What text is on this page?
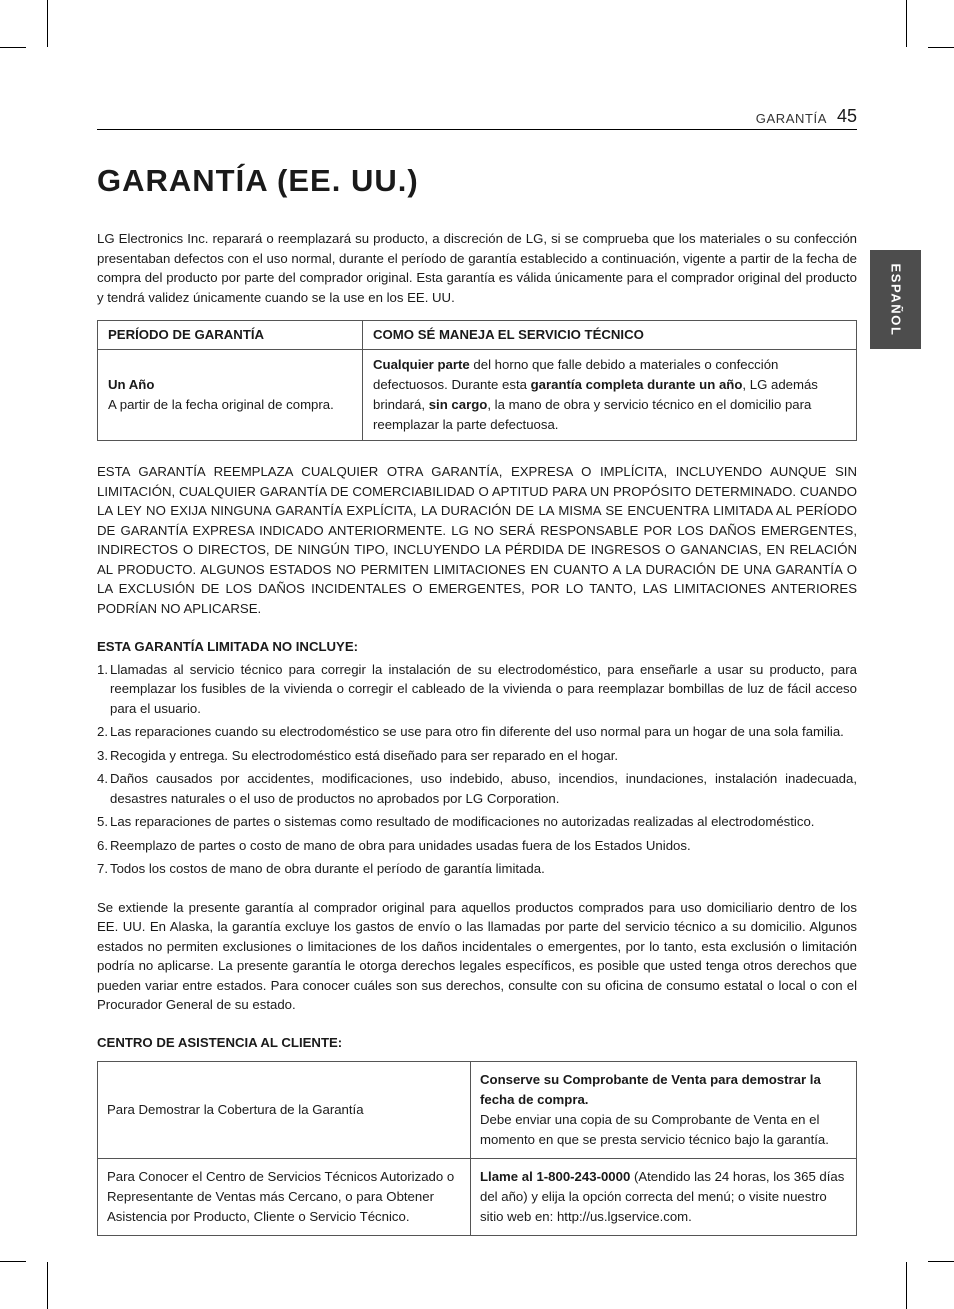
GARANTÍA 45
ESPAÑOL
GARANTÍA (EE. UU.)

LG Electronics Inc. reparará o reemplazará su producto, a discreción de LG, si se comprueba que los materiales o su confección presentaban defectos con el uso normal, durante el período de garantía establecido a continuación, vigente a partir de la fecha de compra del producto por parte del comprador original. Esta garantía es válida únicamente para el comprador original del producto y tendrá validez únicamente cuando se la use en los EE. UU.

PERÍODO DE GARANTÍA	COMO SÉ MANEJA EL SERVICIO TÉCNICO
Un Año
A partir de la fecha original de compra.	Cualquier parte del horno que falle debido a materiales o confección defectuosos. Durante esta garantía completa durante un año, LG además brindará, sin cargo, la mano de obra y servicio técnico en el domicilio para reemplazar la parte defectuosa.

ESTA GARANTÍA REEMPLAZA CUALQUIER OTRA GARANTÍA, EXPRESA O IMPLÍCITA, INCLUYENDO AUNQUE SIN LIMITACIÓN, CUALQUIER GARANTÍA DE COMERCIABILIDAD O APTITUD PARA UN PROPÓSITO DETERMINADO. CUANDO LA LEY NO EXIJA NINGUNA GARANTÍA EXPLÍCITA, LA DURACIÓN DE LA MISMA SE ENCUENTRA LIMITADA AL PERÍODO DE GARANTÍA EXPRESA INDICADO ANTERIORMENTE. LG NO SERÁ RESPONSABLE POR LOS DAÑOS EMERGENTES, INDIRECTOS O DIRECTOS, DE NINGÚN TIPO, INCLUYENDO LA PÉRDIDA DE INGRESOS O GANANCIAS, EN RELACIÓN AL PRODUCTO. ALGUNOS ESTADOS NO PERMITEN LIMITACIONES EN CUANTO A LA DURACIÓN DE UNA GARANTÍA O LA EXCLUSIÓN DE LOS DAÑOS INCIDENTALES O EMERGENTES, POR LO TANTO, LAS LIMITACIONES ANTERIORES PODRÍAN NO APLICARSE.

ESTA GARANTÍA LIMITADA NO INCLUYE:
1. Llamadas al servicio técnico para corregir la instalación de su electrodoméstico, para enseñarle a usar su producto, para reemplazar los fusibles de la vivienda o corregir el cableado de la vivienda o para reemplazar bombillas de luz de fácil acceso para el usuario.
2. Las reparaciones cuando su electrodoméstico se use para otro fin diferente del uso normal para un hogar de una sola familia.
3. Recogida y entrega. Su electrodoméstico está diseñado para ser reparado en el hogar.
4. Daños causados por accidentes, modificaciones, uso indebido, abuso, incendios, inundaciones, instalación inadecuada, desastres naturales o el uso de productos no aprobados por LG Corporation.
5. Las reparaciones de partes o sistemas como resultado de modificaciones no autorizadas realizadas al electrodoméstico.
6. Reemplazo de partes o costo de mano de obra para unidades usadas fuera de los Estados Unidos.
7. Todos los costos de mano de obra durante el período de garantía limitada.

Se extiende la presente garantía al comprador original para aquellos productos comprados para uso domiciliario dentro de los EE. UU. En Alaska, la garantía excluye los gastos de envío o las llamadas por parte del servicio técnico a su domicilio. Algunos estados no permiten exclusiones o limitaciones de los daños incidentales o emergentes, por lo tanto, esta exclusión o limitación podría no aplicarse. La presente garantía le otorga derechos legales específicos, es posible que usted tenga otros derechos que pueden variar entre estados. Para conocer cuáles son sus derechos, consulte con su oficina de consumo estatal o local o con el Procurador General de su estado.

CENTRO DE ASISTENCIA AL CLIENTE:
Para Demostrar la Cobertura de la Garantía	Conserve su Comprobante de Venta para demostrar la fecha de compra.
Debe enviar una copia de su Comprobante de Venta en el momento en que se presta servicio técnico bajo la garantía.
Para Conocer el Centro de Servicios Técnicos Autorizado o Representante de Ventas más Cercano, o para Obtener Asistencia por Producto, Cliente o Servicio Técnico.	Llame al 1-800-243-0000 (Atendido las 24 horas, los 365 días del año) y elija la opción correcta del menú; o visite nuestro sitio web en: http://us.lgservice.com.
